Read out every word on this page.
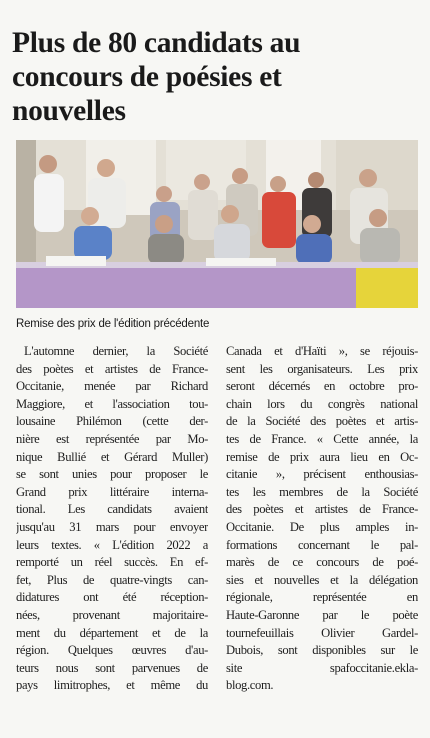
Plus de 80 candidats au
concours de poésies et
nouvelles
Remise des prix de l'édition précédente
L'automne dernier, la Société
des poètes et artistes de France-
Occitanie, menée par Richard
Maggiore, et l'association tou-
lousaine Philémon (cette der-
nière est représentée par Mo-
nique Bullié et Gérard Muller)
se sont unies pour proposer le
Grand prix littéraire interna-
tional. Les candidats avaient
jusqu'au 31 mars pour envoyer
leurs textes. « L'édition 2022 a
remporté un réel succès. En ef-
fet, Plus de quatre-vingts can-
didatures ont été réception-
nées, provenant majoritaire-
ment du département et de la
région. Quelques œuvres d'au-
teurs nous sont parvenues de
pays limitrophes, et même du
Canada et d'Haïti », se réjouis-
sent les organisateurs. Les prix
seront décernés en octobre pro-
chain lors du congrès national
de la Société des poètes et artis-
tes de France. « Cette année, la
remise de prix aura lieu en Oc-
citanie », précisent enthousias-
tes les membres de la Société
des poètes et artistes de France-
Occitanie. De plus amples in-
formations concernant le pal-
marès de ce concours de poé-
sies et nouvelles et la délégation
régionale, représentée en
Haute-Garonne par le poète
tournefeuillais Olivier Gardel-
Dubois, sont disponibles sur le
site spafoccitanie.ekla-
blog.com.
